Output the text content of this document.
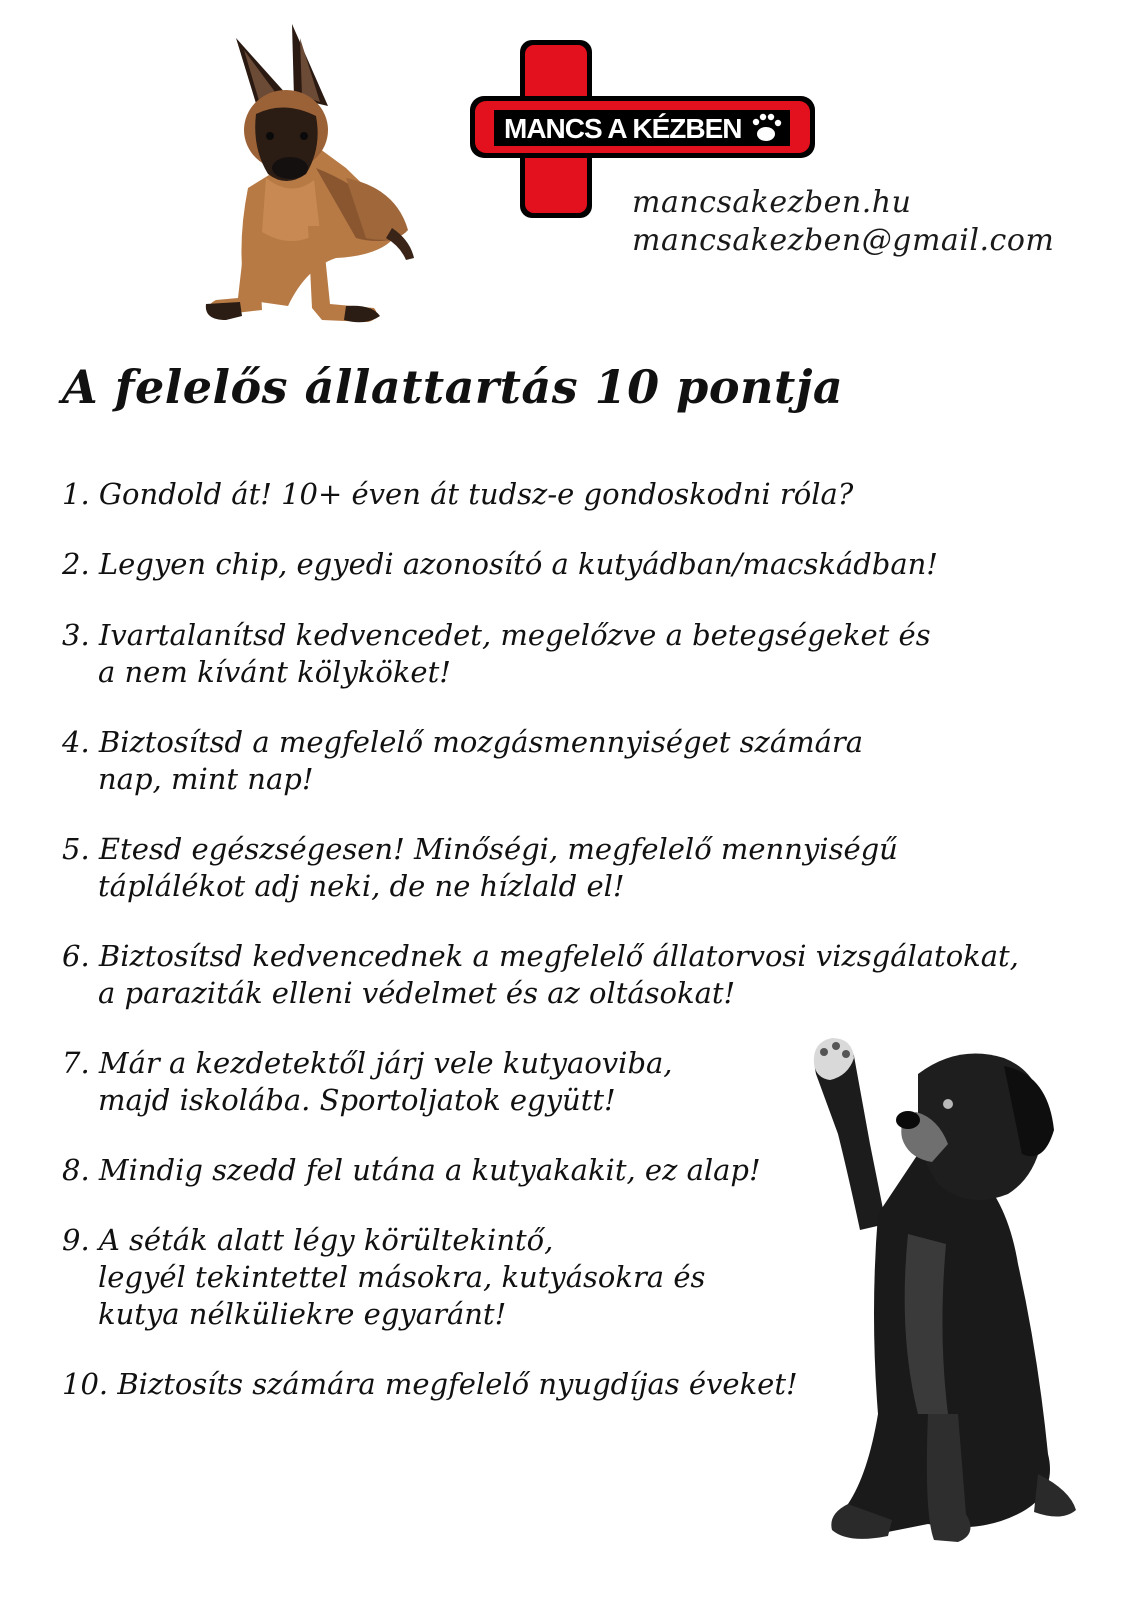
MANCS A KÉZBEN
mancsakezben.hu
mancsakezben@gmail.com
A felelős állattartás 10 pontja
1. Gondold át! 10+ éven át tudsz-e gondoskodni róla?
2. Legyen chip, egyedi azonosító a kutyádban/macskádban!
3. Ivartalanítsd kedvencedet, megelőzve a betegségeket és
a nem kívánt kölyköket!
4. Biztosítsd a megfelelő mozgásmennyiséget számára
nap, mint nap!
5. Etesd egészségesen! Minőségi, megfelelő mennyiségű
táplálékot adj neki, de ne hízlald el!
6. Biztosítsd kedvencednek a megfelelő állatorvosi vizsgálatokat,
a paraziták elleni védelmet és az oltásokat!
7. Már a kezdetektől járj vele kutyaoviba,
majd iskolába. Sportoljatok együtt!
8. Mindig szedd fel utána a kutyakakit, ez alap!
9. A séták alatt légy körültekintő,
legyél tekintettel másokra, kutyásokra és
kutya nélküliekre egyaránt!
10. Biztosíts számára megfelelő nyugdíjas éveket!
